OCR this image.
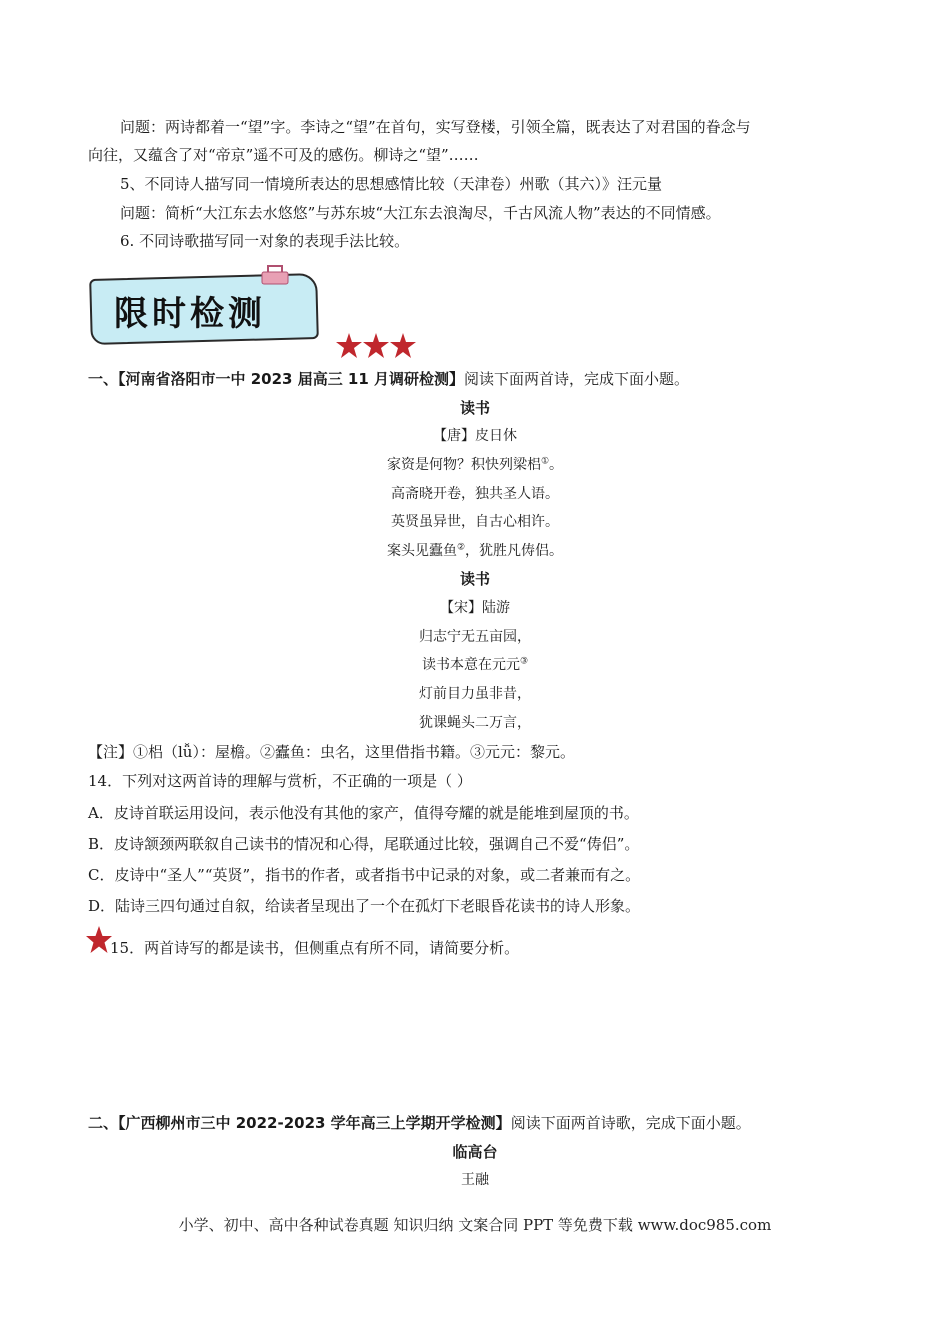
问题：两诗都着一“望”字。李诗之“望”在首句，实写登楼，引领全篇，既表达了对君国的眷念与
向往，又蕴含了对“帝京”遥不可及的感伤。柳诗之“望”……
5、不同诗人描写同一情境所表达的思想感情比较（天津卷）州歌（其六）》汪元量
问题：简析“大江东去水悠悠”与苏东坡“大江东去浪淘尽，千古风流人物”表达的不同情感。
6. 不同诗歌描写同一对象的表现手法比较。
限时检测
一、【河南省洛阳市一中 2023 届高三 11 月调研检测】阅读下面两首诗，完成下面小题。
读书
【唐】皮日休
家资是何物？积快列梁梠①。
高斋晓开卷，独共圣人语。
英贤虽异世，自古心相许。
案头见蠹鱼②，犹胜凡俦侣。
读书
【宋】陆游
归志宁无五亩园，
读书本意在元元③
灯前目力虽非昔，
犹课蝇头二万言，
【注】①梠（lǚ）：屋檐。②蠹鱼：虫名，这里借指书籍。③元元：黎元。
14．下列对这两首诗的理解与赏析，不正确的一项是（ ）
A．皮诗首联运用设问，表示他没有其他的家产，值得夸耀的就是能堆到屋顶的书。
B．皮诗颔颈两联叙自己读书的情况和心得，尾联通过比较，强调自己不爱“俦侣”。
C．皮诗中“圣人”“英贤”，指书的作者，或者指书中记录的对象，或二者兼而有之。
D．陆诗三四句通过自叙，给读者呈现出了一个在孤灯下老眼昏花读书的诗人形象。
15．两首诗写的都是读书，但侧重点有所不同，请简要分析。
二、【广西柳州市三中 2022-2023 学年高三上学期开学检测】阅读下面两首诗歌，完成下面小题。
临高台
王融
小学、初中、高中各种试卷真题 知识归纳 文案合同 PPT 等免费下载 www.doc985.com
